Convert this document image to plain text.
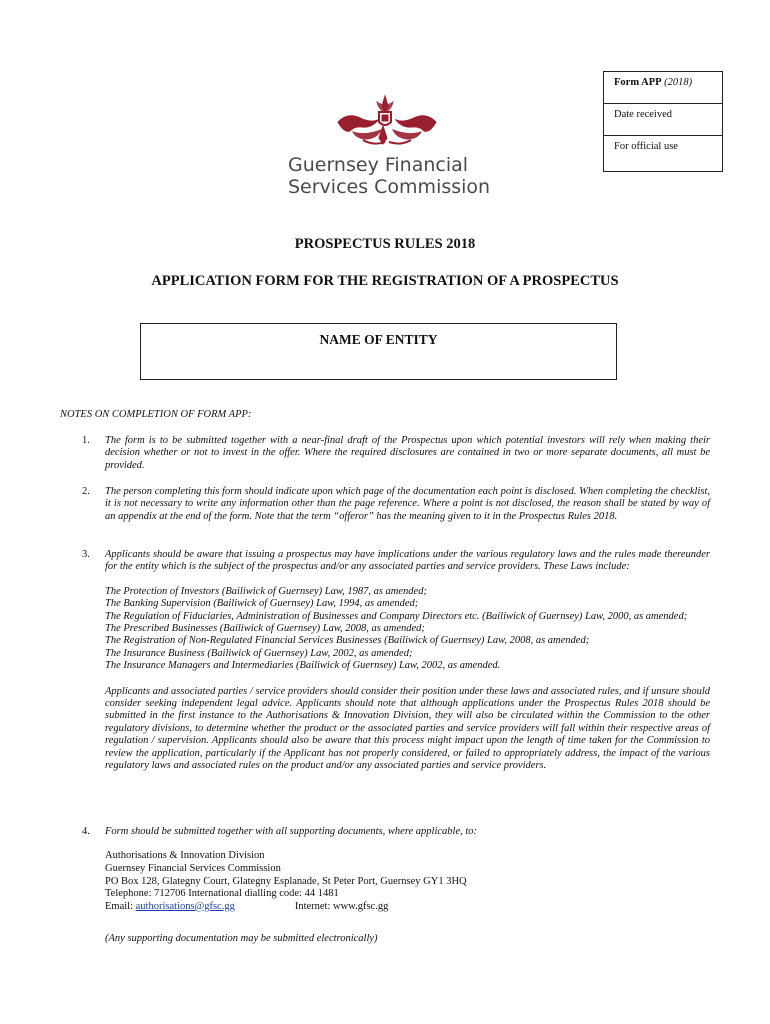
Form APP (2018)
Date received
For official use
Guernsey Financial
Services Commission
PROSPECTUS RULES 2018
APPLICATION FORM FOR THE REGISTRATION OF A PROSPECTUS
NAME OF ENTITY
NOTES ON COMPLETION OF FORM APP:
1. The form is to be submitted together with a near-final draft of the Prospectus upon which potential investors will rely when making their decision whether or not to invest in the offer. Where the required disclosures are contained in two or more separate documents, all must be provided.

2. The person completing this form should indicate upon which page of the documentation each point is disclosed. When completing the checklist, it is not necessary to write any information other than the page reference. Where a point is not disclosed, the reason shall be stated by way of an appendix at the end of the form. Note that the term “offeror” has the meaning given to it in the Prospectus Rules 2018.

3. Applicants should be aware that issuing a prospectus may have implications under the various regulatory laws and the rules made thereunder for the entity which is the subject of the prospectus and/or any associated parties and service providers. These Laws include:

The Protection of Investors (Bailiwick of Guernsey) Law, 1987, as amended;

The Banking Supervision (Bailiwick of Guernsey) Law, 1994, as amended;

The Regulation of Fiduciaries, Administration of Businesses and Company Directors etc. (Bailiwick of Guernsey) Law, 2000, as amended;

The Prescribed Businesses (Bailiwick of Guernsey) Law, 2008, as amended;

The Registration of Non-Regulated Financial Services Businesses (Bailiwick of Guernsey) Law, 2008, as amended;

The Insurance Business (Bailiwick of Guernsey) Law, 2002, as amended;

The Insurance Managers and Intermediaries (Bailiwick of Guernsey) Law, 2002, as amended.

Applicants and associated parties / service providers should consider their position under these laws and associated rules, and if unsure should consider seeking independent legal advice. Applicants should note that although applications under the Prospectus Rules 2018 should be submitted in the first instance to the Authorisations & Innovation Division, they will also be circulated within the Commission to the other regulatory divisions, to determine whether the product or the associated parties and service providers will fall within their respective areas of regulation / supervision. Applicants should also be aware that this process might impact upon the length of time taken for the Commission to review the application, particularly if the Applicant has not properly considered, or failed to appropriately address, the impact of the various regulatory laws and associated rules on the product and/or any associated parties and service providers.

4. Form should be submitted together with all supporting documents, where applicable, to:

Authorisations & Innovation Division
Guernsey Financial Services Commission
PO Box 128, Glategny Court, Glategny Esplanade, St Peter Port, Guernsey GY1 3HQ
Telephone: 712706 International dialling code: 44 1481
Email: authorisations@gfsc.gg	Internet: www.gfsc.gg
(Any supporting documentation may be submitted electronically)
